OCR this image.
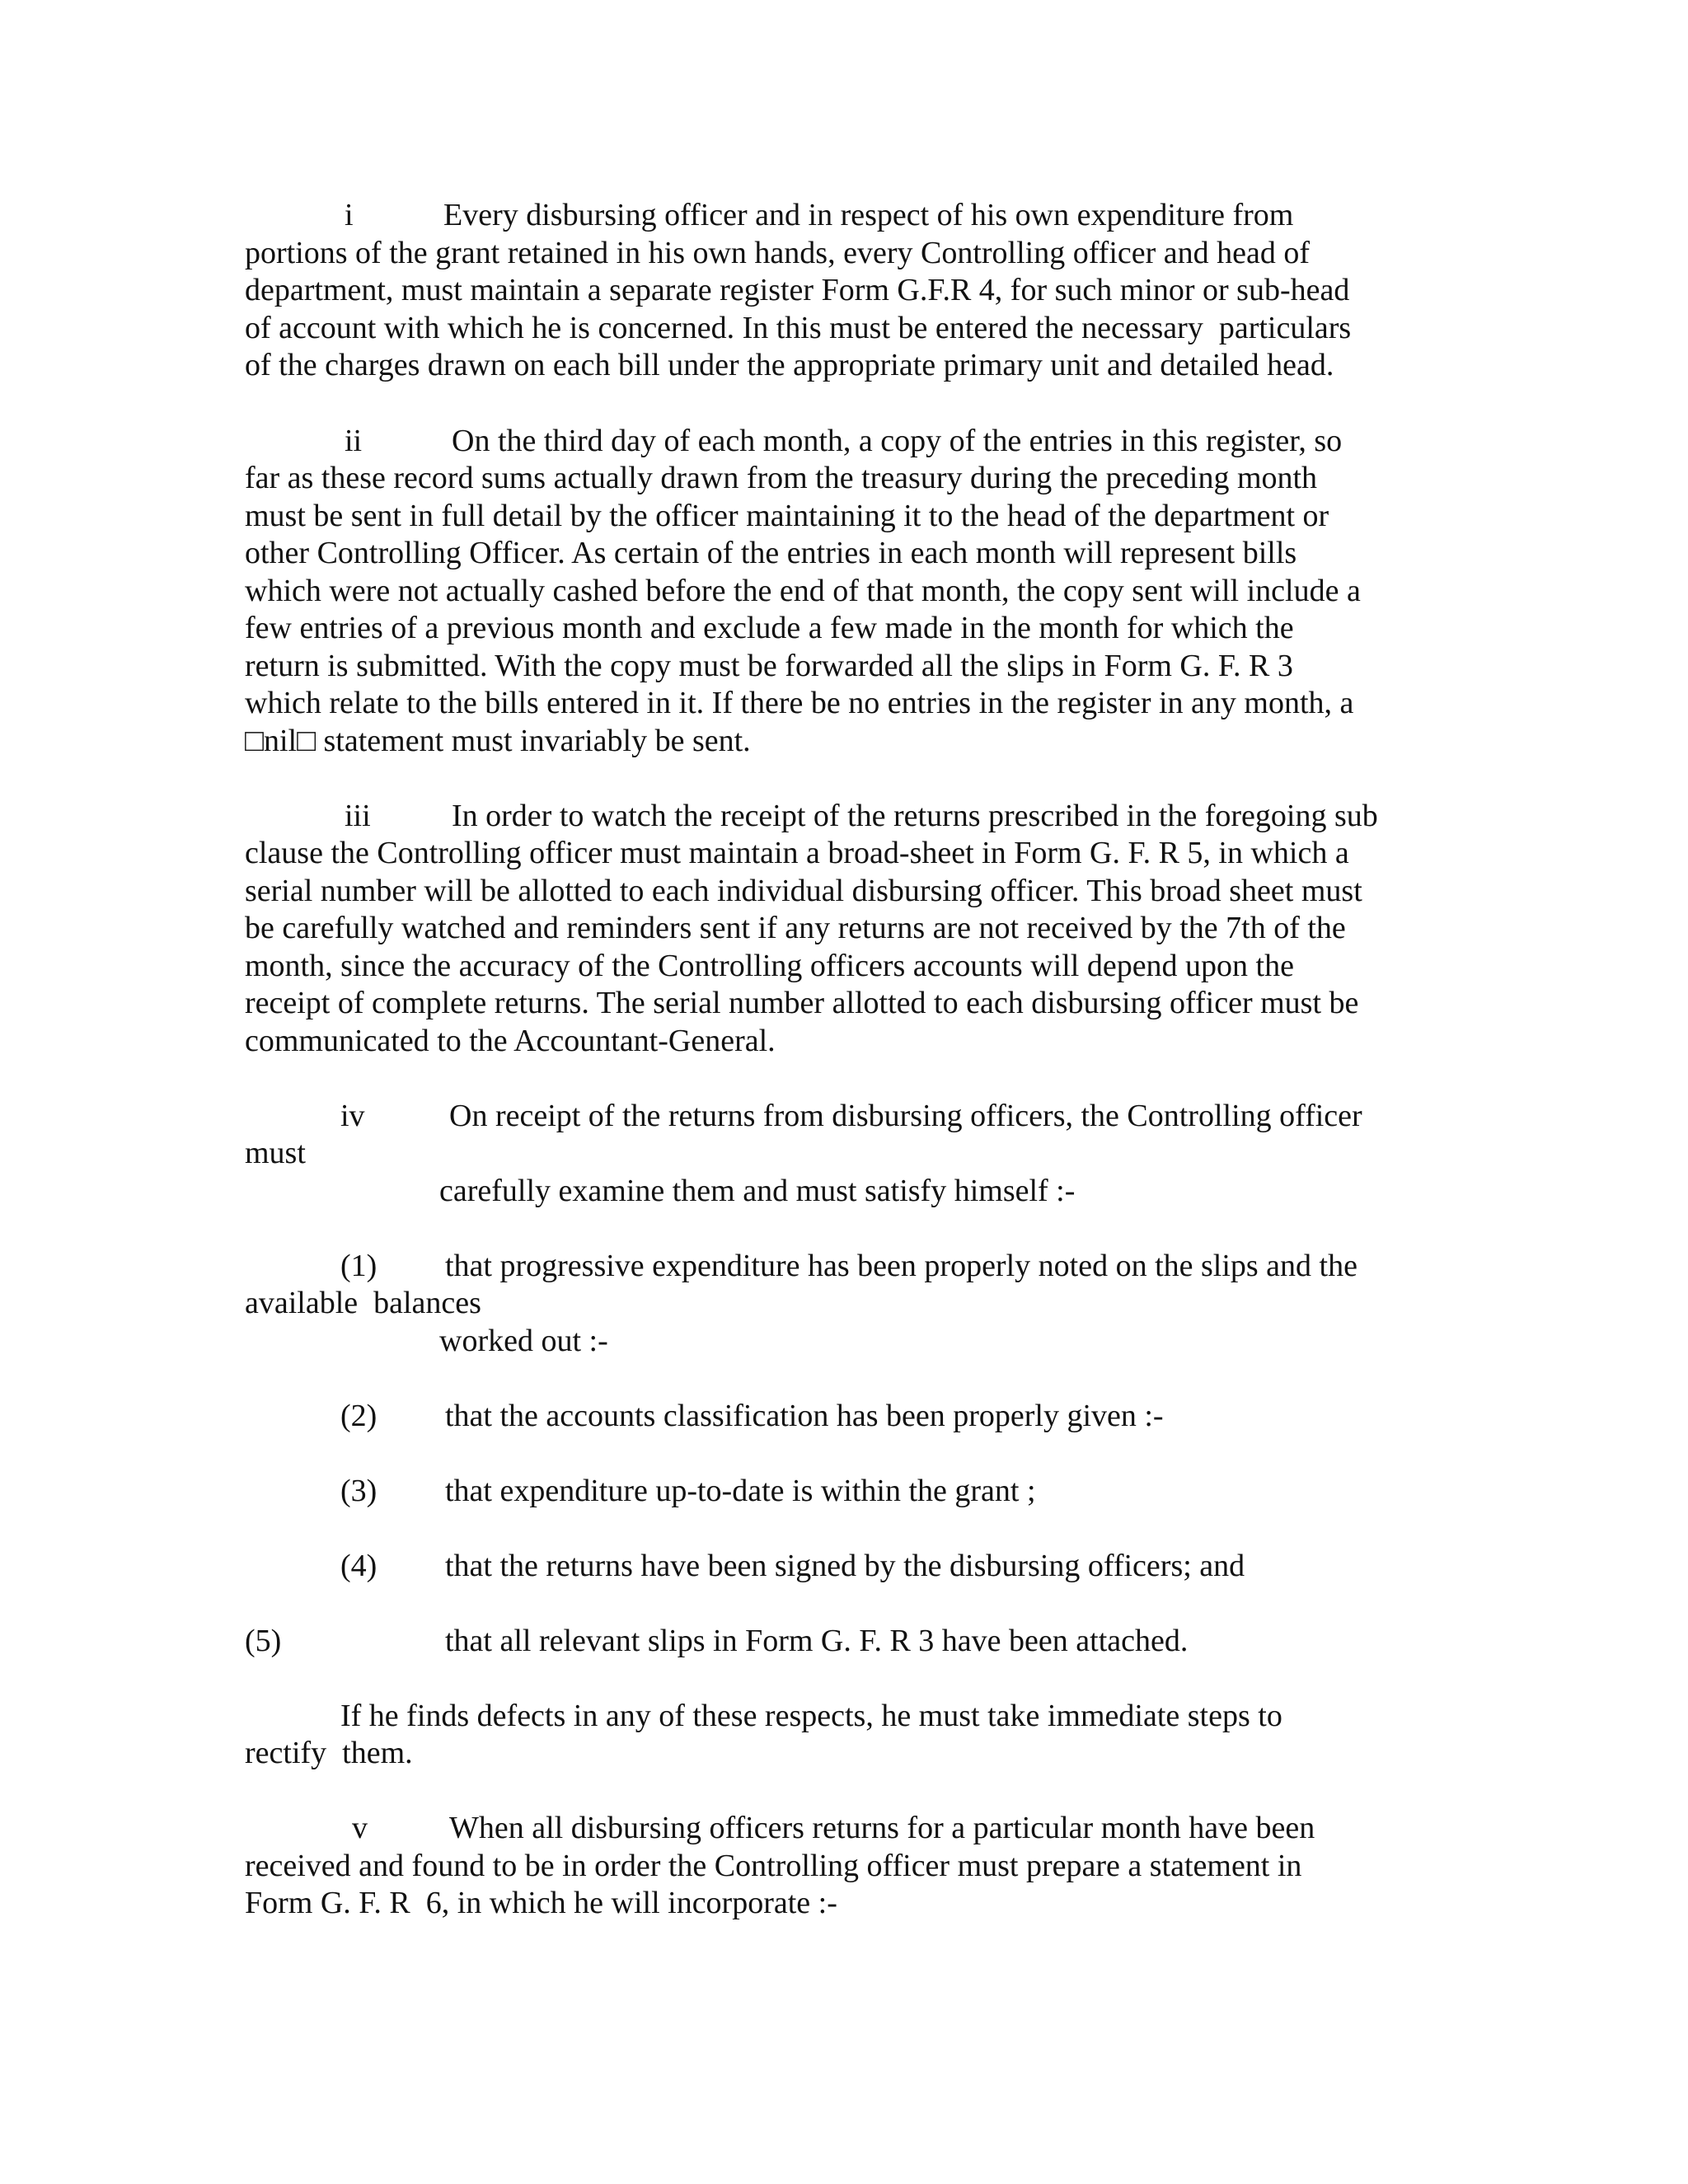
i	Every disbursing officer and in respect of his own expenditure from
portions of the grant retained in his own hands, every Controlling officer and head of
department, must maintain a separate register Form G.F.R 4, for such minor or sub-head
of account with which he is concerned. In this must be entered the necessary  particulars
of the charges drawn on each bill under the appropriate primary unit and detailed head.
ii	On the third day of each month, a copy of the entries in this register, so
far as these record sums actually drawn from the treasury during the preceding month
must be sent in full detail by the officer maintaining it to the head of the department or
other Controlling Officer. As certain of the entries in each month will represent bills
which were not actually cashed before the end of that month, the copy sent will include a
few entries of a previous month and exclude a few made in the month for which the
return is submitted. With the copy must be forwarded all the slips in Form G. F. R 3
which relate to the bills entered in it. If there be no entries in the register in any month, a
□nil□ statement must invariably be sent.
iii	In order to watch the receipt of the returns prescribed in the foregoing sub
clause the Controlling officer must maintain a broad-sheet in Form G. F. R 5, in which a
serial number will be allotted to each individual disbursing officer. This broad sheet must
be carefully watched and reminders sent if any returns are not received by the 7th of the
month, since the accuracy of the Controlling officers accounts will depend upon the
receipt of complete returns. The serial number allotted to each disbursing officer must be
communicated to the Accountant-General.
iv	On receipt of the returns from disbursing officers, the Controlling officer
must
carefully examine them and must satisfy himself :-
(1) that progressive expenditure has been properly noted on the slips and the
available  balances
worked out :-
(2) that the accounts classification has been properly given :-
(3) that expenditure up-to-date is within the grant ;
(4) that the returns have been signed by the disbursing officers; and
(5)	that all relevant slips in Form G. F. R 3 have been attached.
If he finds defects in any of these respects, he must take immediate steps to
rectify  them.
v	When all disbursing officers returns for a particular month have been
received and found to be in order the Controlling officer must prepare a statement in
Form G. F. R  6, in which he will incorporate :-
